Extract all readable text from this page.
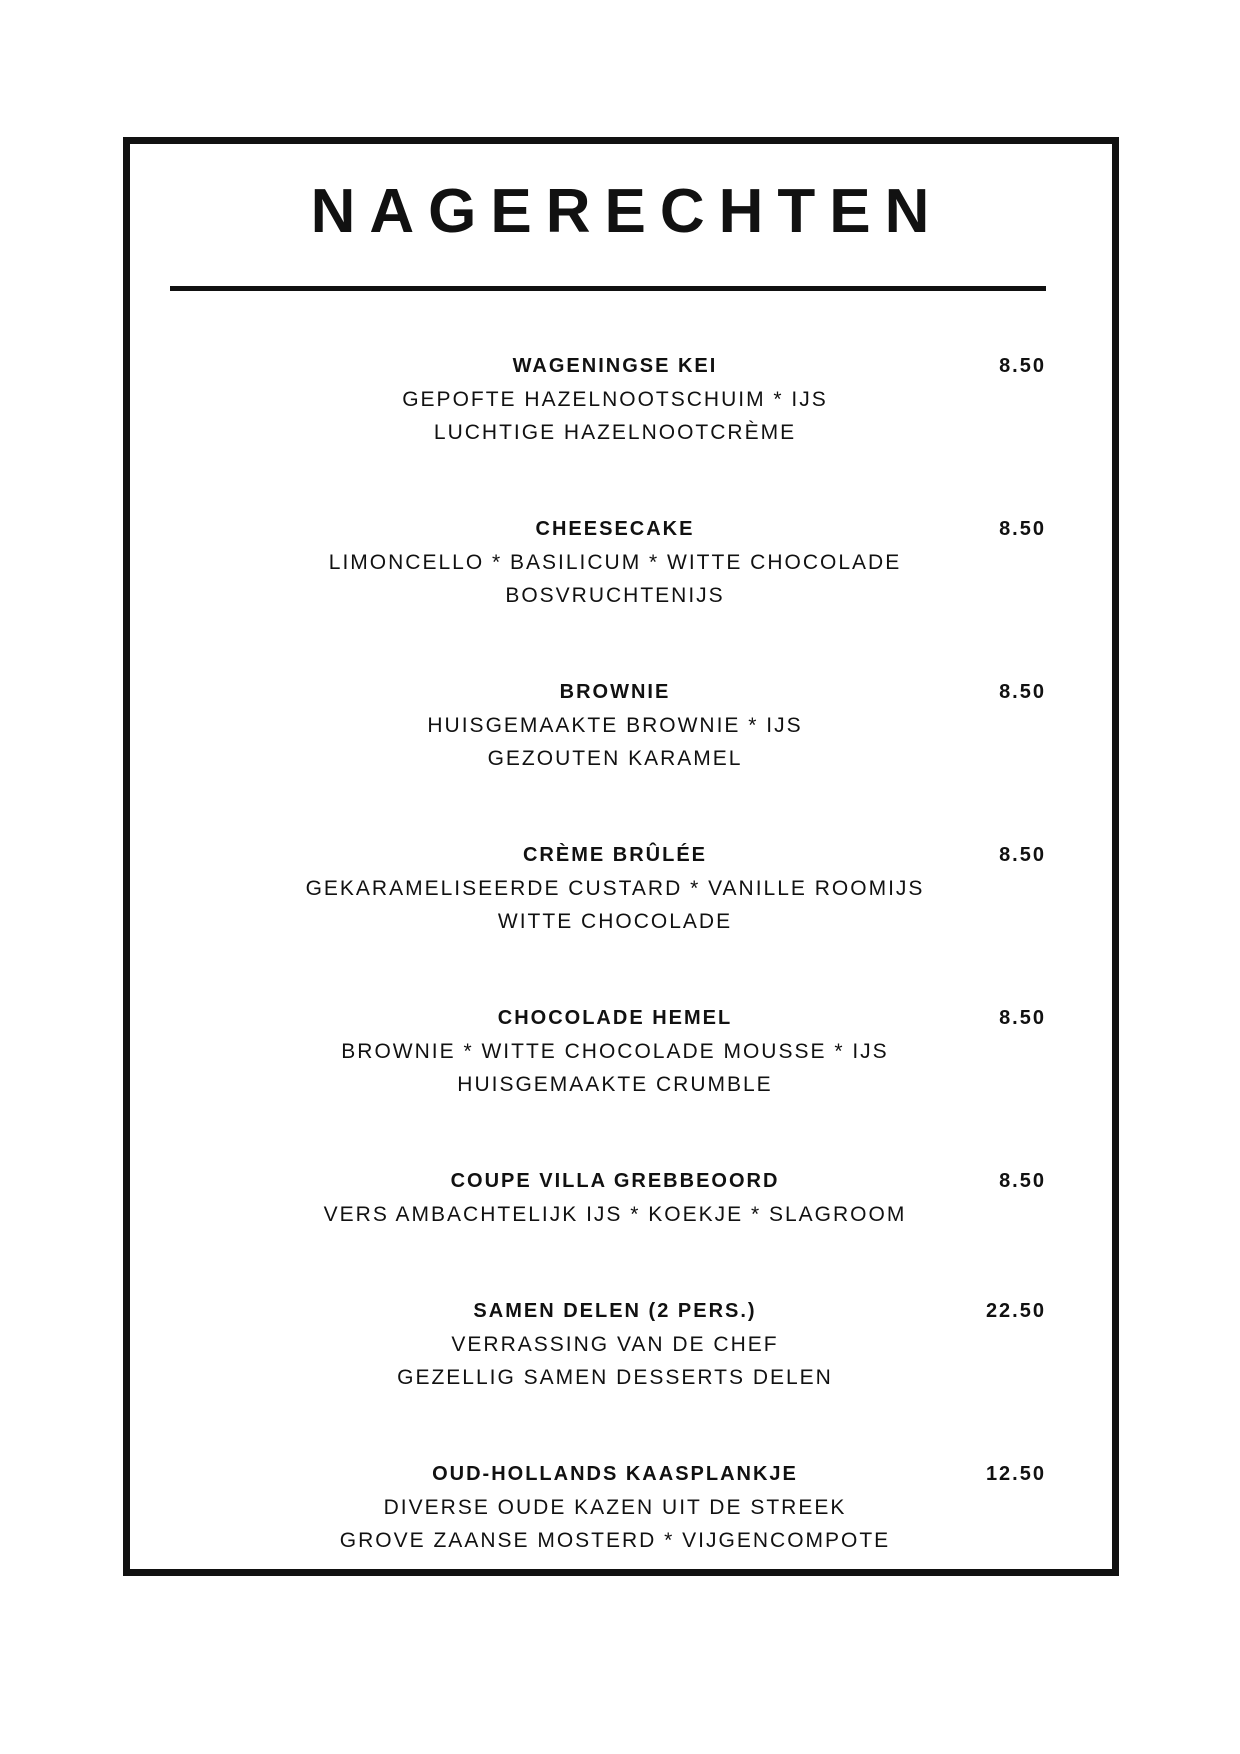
NAGERECHTEN
WAGENINGSE KEI	8.50
GEPOFTE HAZELNOOTSCHUIM * IJS
LUCHTIGE HAZELNOOTCRÈME
CHEESECAKE	8.50
LIMONCELLO * BASILICUM * WITTE CHOCOLADE
BOSVRUCHTENIJS
BROWNIE	8.50
HUISGEMAAKTE BROWNIE * IJS
GEZOUTEN KARAMEL
CRÈME BRÛLÉE	8.50
GEKARAMELISEERDE CUSTARD * VANILLE ROOMIJS
WITTE CHOCOLADE
CHOCOLADE HEMEL	8.50
BROWNIE * WITTE CHOCOLADE MOUSSE * IJS
HUISGEMAAKTE CRUMBLE
COUPE VILLA GREBBEOORD	8.50
VERS AMBACHTELIJK IJS * KOEKJE * SLAGROOM
SAMEN DELEN (2 PERS.)	22.50
VERRASSING VAN DE CHEF
GEZELLIG SAMEN DESSERTS DELEN
OUD-HOLLANDS KAASPLANKJE	12.50
DIVERSE OUDE KAZEN UIT DE STREEK
GROVE ZAANSE MOSTERD * VIJGENCOMPOTE
